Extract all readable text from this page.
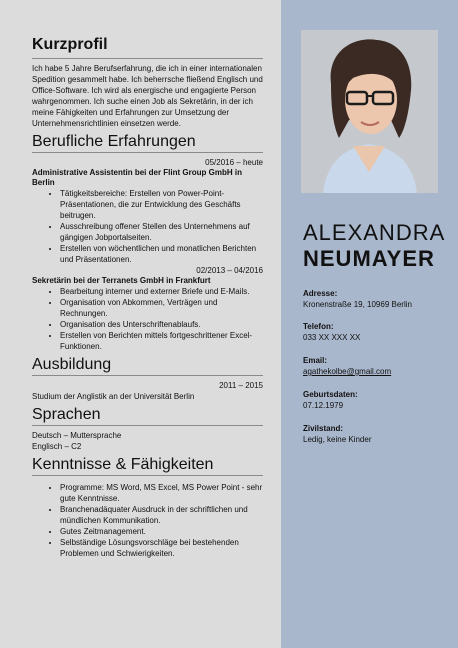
Kurzprofil

Ich habe 5 Jahre Berufserfahrung, die ich in einer internationalen Spedition gesammelt habe. Ich beherrsche fließend Englisch und Office-Software. Ich wird als energische und engagierte Person wahrgenommen. Ich suche einen Job als Sekretärin, in der ich meine Fähigkeiten und Erfahrungen zur Umsetzung der Unternehmensrichtlinien einsetzen werde.

Berufliche Erfahrungen
05/2016 – heute
Administrative Assistentin bei der Flint Group GmbH in Berlin
• Tätigkeitsbereiche: Erstellen von Power-Point-Präsentationen, die zur Entwicklung des Geschäfts beitrugen.
• Ausschreibung offener Stellen des Unternehmens auf gängigen Jobportalseiten.
• Erstellen von wöchentlichen und monatlichen Berichten und Präsentationen.
02/2013 – 04/2016
Sekretärin bei der Terranets GmbH in Frankfurt
• Bearbeitung interner und externer Briefe und E-Mails.
• Organisation von Abkommen, Verträgen und Rechnungen.
• Organisation des Unterschriftenablaufs.
• Erstellen von Berichten mittels fortgeschrittener Excel-Funktionen.
Ausbildung
2011 – 2015

Studium der Anglistik an der Universität Berlin

Sprachen

Deutsch – Muttersprache

Englisch – C2

Kenntnisse & Fähigkeiten
• Programme: MS Word, MS Excel, MS Power Point - sehr gute Kenntnisse.
• Branchenadäquater Ausdruck in der schriftlichen und mündlichen Kommunikation.
• Gutes Zeitmanagement.
• Selbständige Lösungsvorschläge bei bestehenden Problemen und Schwierigkeiten.
ALEXANDRA
NEUMAYER
Adresse:
Kronenstraße 19, 10969 Berlin
Telefon:
033 XX XXX XX
Email:
agathekolbe@gmail.com
Geburtsdaten:
07.12.1979
Zivilstand:
Ledig, keine Kinder
